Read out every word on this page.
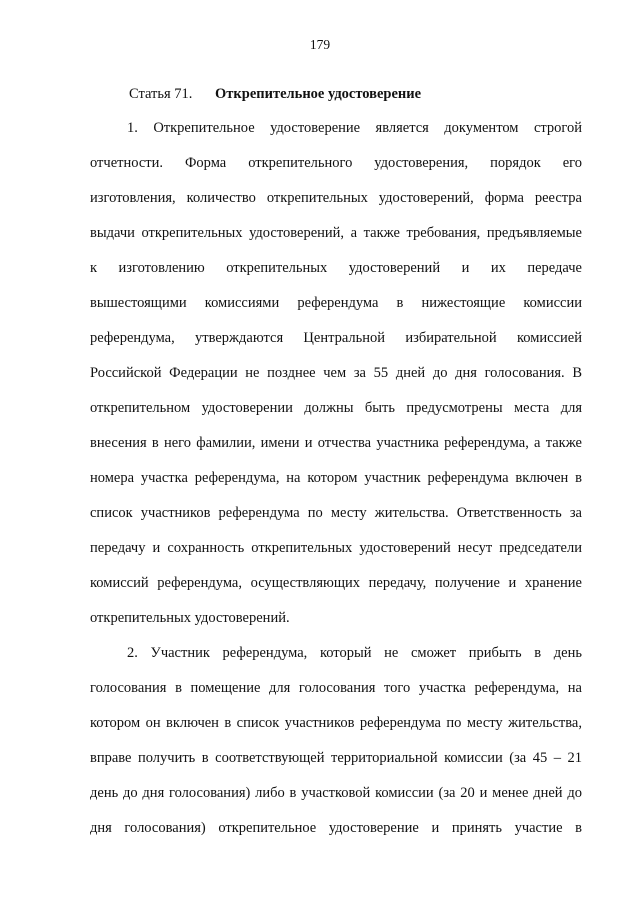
179
Статья 71. Открепительное удостоверение
1. Открепительное удостоверение является документом строгой
отчетности. Форма открепительного удостоверения, порядок его
изготовления, количество открепительных удостоверений, форма реестра
выдачи открепительных удостоверений, а также требования, предъявляемые
к изготовлению открепительных удостоверений и их передаче
вышестоящими комиссиями референдума в нижестоящие комиссии
референдума, утверждаются Центральной избирательной комиссией
Российской Федерации не позднее чем за 55 дней до дня голосования. В
открепительном удостоверении должны быть предусмотрены места для
внесения в него фамилии, имени и отчества участника референдума, а также
номера участка референдума, на котором участник референдума включен в
список участников референдума по месту жительства. Ответственность за
передачу и сохранность открепительных удостоверений несут председатели
комиссий референдума, осуществляющих передачу, получение и хранение
открепительных удостоверений.
2. Участник референдума, который не сможет прибыть в день
голосования в помещение для голосования того участка референдума, на
котором он включен в список участников референдума по месту жительства,
вправе получить в соответствующей территориальной комиссии (за 45 – 21
день до дня голосования) либо в участковой комиссии (за 20 и менее дней до
дня голосования) открепительное удостоверение и принять участие в
